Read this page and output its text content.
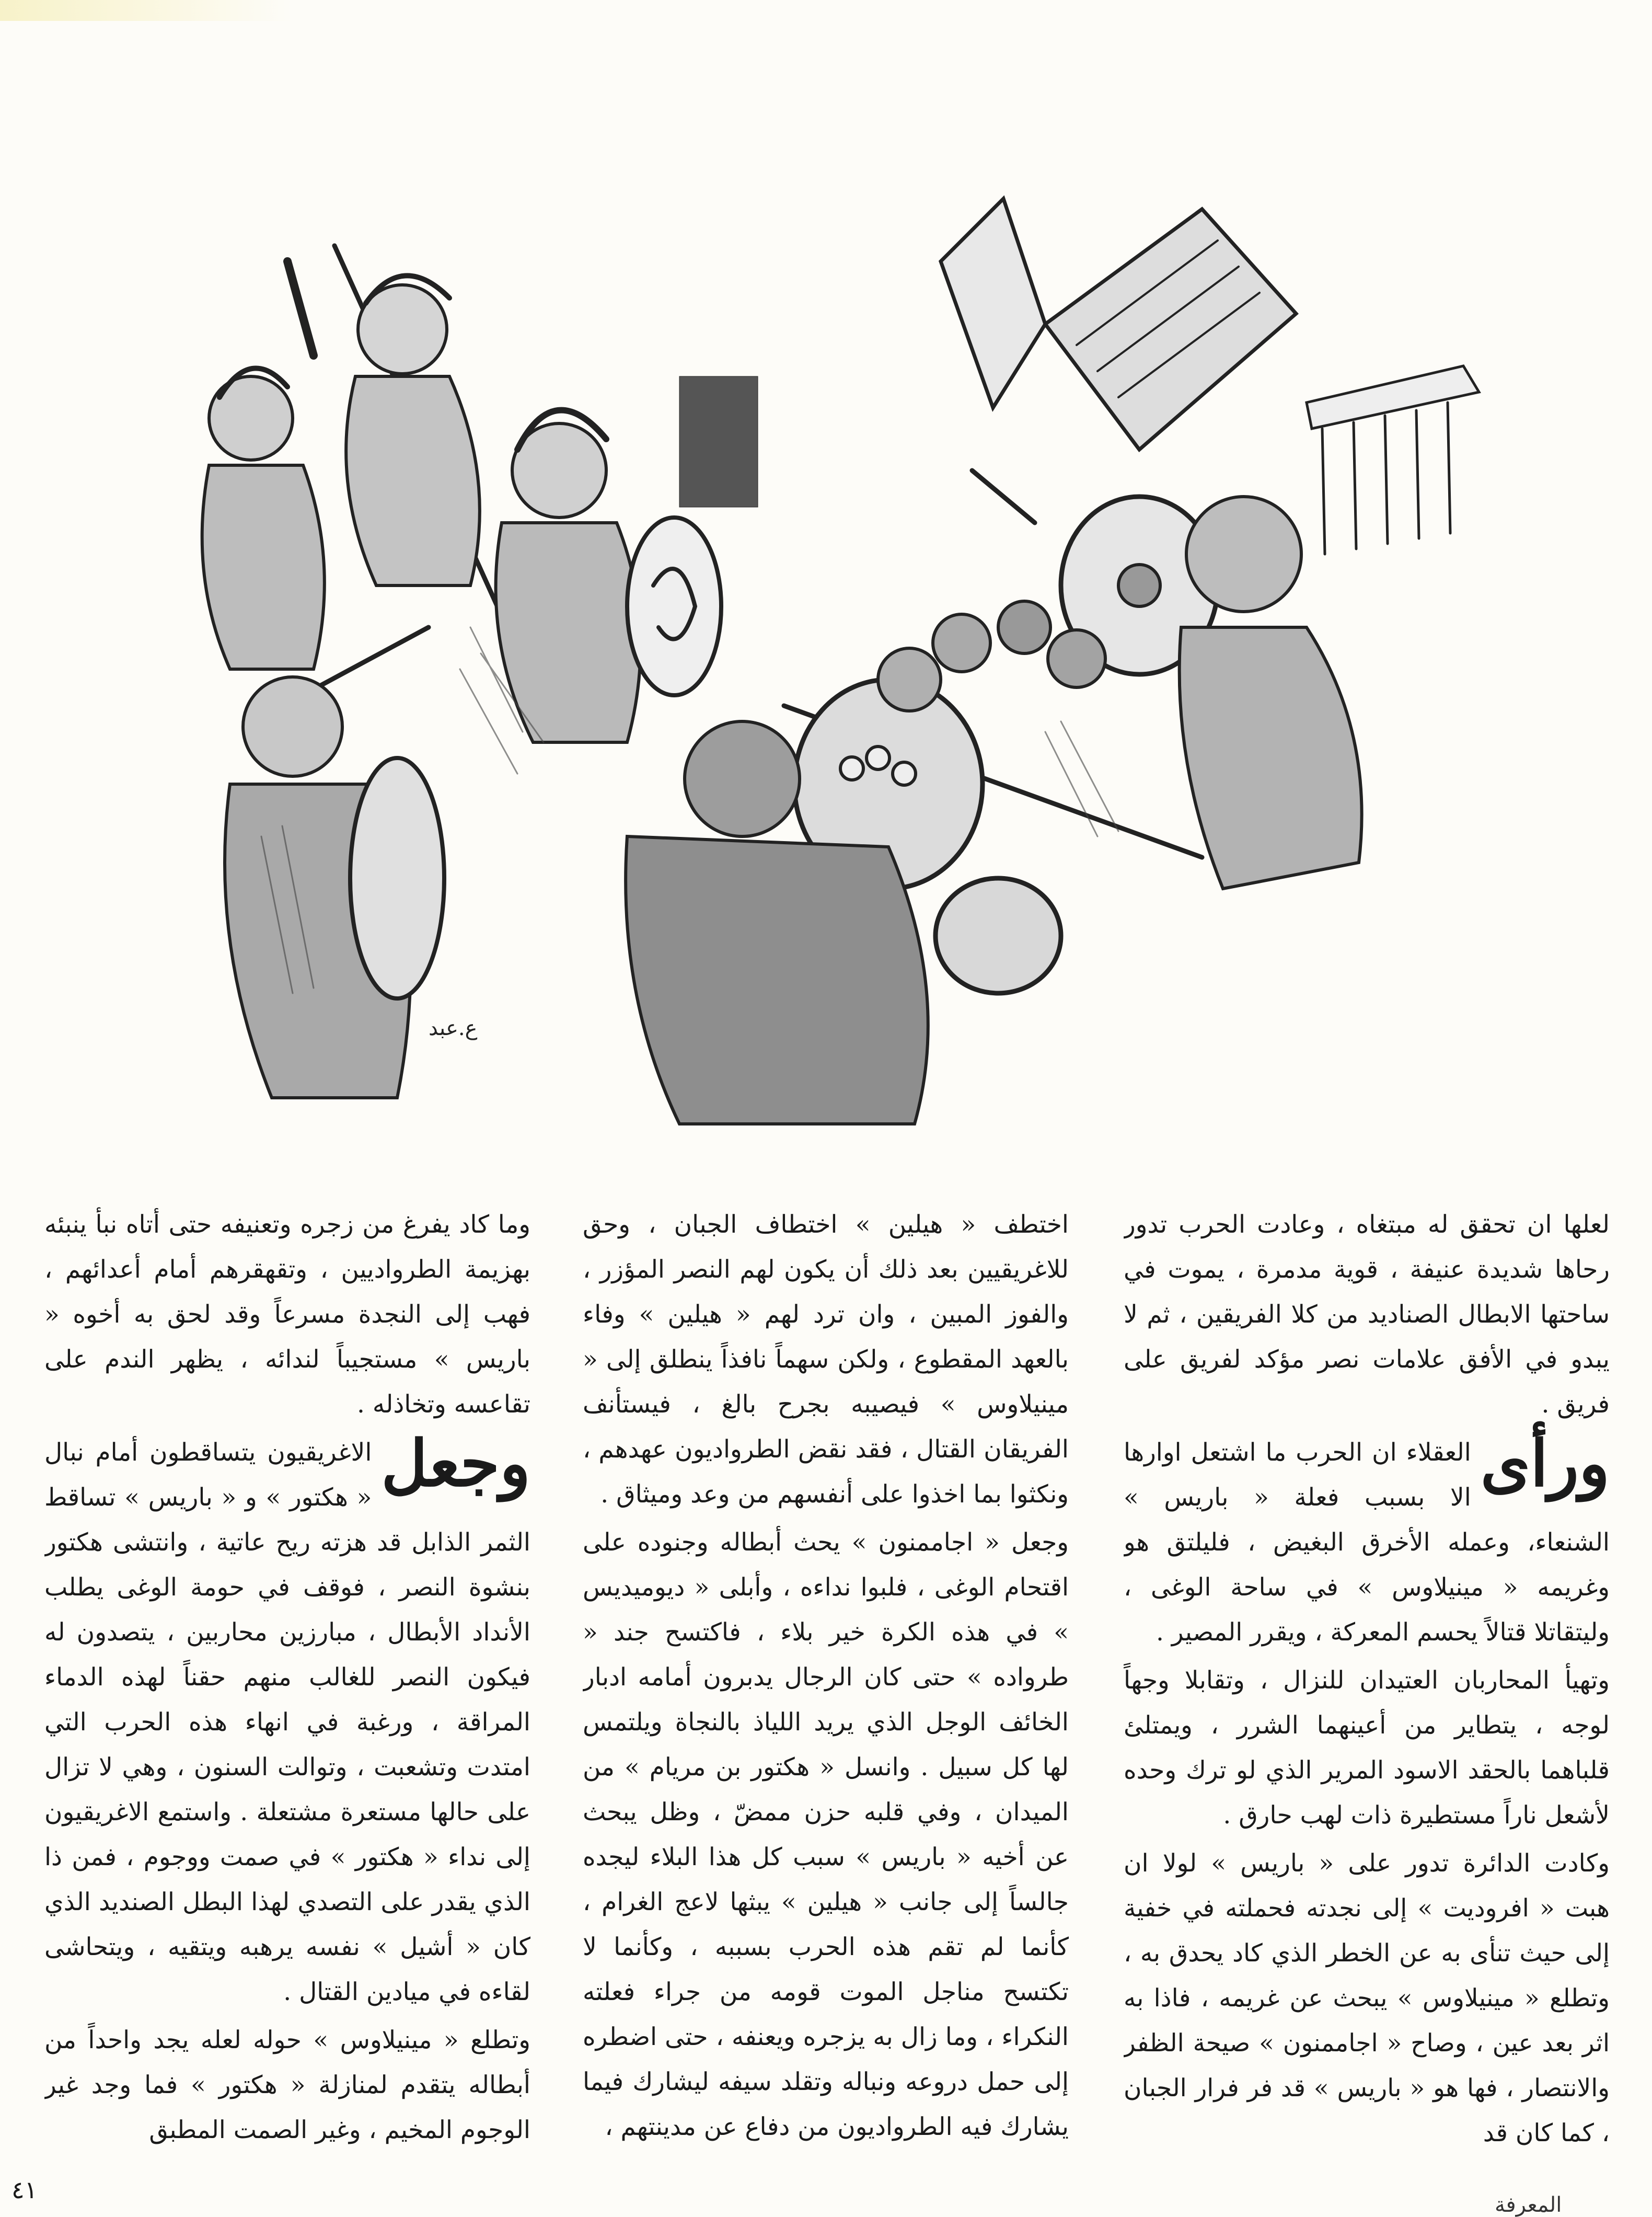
ع.عبد

لعلها ان تحقق له مبتغاه ، وعادت الحرب تدور رحاها شديدة عنيفة ، قوية مدمرة ، يموت في ساحتها الابطال الصناديد من كلا الفريقين ، ثم لا يبدو في الأفق علامات نصر مؤكد لفريق على فريق .

ورأى
العقلاء ان الحرب ما اشتعل اوارها الا بسبب فعلة « باريس » الشنعاء، وعمله الأخرق البغيض ، فليلتق هو وغريمه « مينيلاوس » في ساحة الوغى ، وليتقاتلا قتالاً يحسم المعركة ، ويقرر المصير .

وتهيأ المحاربان العتيدان للنزال ، وتقابلا وجهاً لوجه ، يتطاير من أعينهما الشرر ، ويمتلئ قلباهما بالحقد الاسود المرير الذي لو ترك وحده لأشعل ناراً مستطيرة ذات لهب حارق .

وكادت الدائرة تدور على « باريس » لولا ان هبت « افروديت » إلى نجدته فحملته في خفية إلى حيث تنأى به عن الخطر الذي كاد يحدق به ، وتطلع « مينيلاوس » يبحث عن غريمه ، فاذا به اثر بعد عين ، وصاح « اجاممنون » صيحة الظفر والانتصار ، فها هو « باريس » قد فر فرار الجبان ، كما كان قد

اختطف « هيلين » اختطاف الجبان ، وحق للاغريقيين بعد ذلك أن يكون لهم النصر المؤزر ، والفوز المبين ، وان ترد لهم « هيلين » وفاء بالعهد المقطوع ، ولكن سهماً نافذاً ينطلق إلى « مينيلاوس » فيصيبه بجرح بالغ ، فيستأنف الفريقان القتال ، فقد نقض الطرواديون عهدهم ، ونكثوا بما اخذوا على أنفسهم من وعد وميثاق .

وجعل « اجاممنون » يحث أبطاله وجنوده على اقتحام الوغى ، فلبوا نداءه ، وأبلى « ديوميديس » في هذه الكرة خير بلاء ، فاكتسح جند « طرواده » حتى كان الرجال يدبرون أمامه ادبار الخائف الوجل الذي يريد اللياذ بالنجاة ويلتمس لها كل سبيل . وانسل « هكتور بن مريام » من الميدان ، وفي قلبه حزن ممضّ ، وظل يبحث عن أخيه « باريس » سبب كل هذا البلاء ليجده جالساً إلى جانب « هيلين » يبثها لاعج الغرام ، كأنما لم تقم هذه الحرب بسببه ، وكأنما لا تكتسح مناجل الموت قومه من جراء فعلته النكراء ، وما زال به يزجره ويعنفه ، حتى اضطره إلى حمل دروعه ونباله وتقلد سيفه ليشارك فيما يشارك فيه الطرواديون من دفاع عن مدينتهم ،

وما كاد يفرغ من زجره وتعنيفه حتى أتاه نبأ ينبئه بهزيمة الطرواديين ، وتقهقرهم أمام أعدائهم ، فهب إلى النجدة مسرعاً وقد لحق به أخوه « باريس » مستجيباً لندائه ، يظهر الندم على تقاعسه وتخاذله .

وجعل
الاغريقيون يتساقطون أمام نبال « هكتور » و « باريس » تساقط الثمر الذابل قد هزته ريح عاتية ، وانتشى هكتور بنشوة النصر ، فوقف في حومة الوغى يطلب الأنداد الأبطال ، مبارزين محاربين ، يتصدون له فيكون النصر للغالب منهم حقناً لهذه الدماء المراقة ، ورغبة في انهاء هذه الحرب التي امتدت وتشعبت ، وتوالت السنون ، وهي لا تزال على حالها مستعرة مشتعلة . واستمع الاغريقيون إلى نداء « هكتور » في صمت ووجوم ، فمن ذا الذي يقدر على التصدي لهذا البطل الصنديد الذي كان « أشيل » نفسه يرهبه ويتقيه ، ويتحاشى لقاءه في ميادين القتال .

وتطلع « مينيلاوس » حوله لعله يجد واحداً من أبطاله يتقدم لمنازلة « هكتور » فما وجد غير الوجوم المخيم ، وغير الصمت المطبق

٤١
المعرفة
